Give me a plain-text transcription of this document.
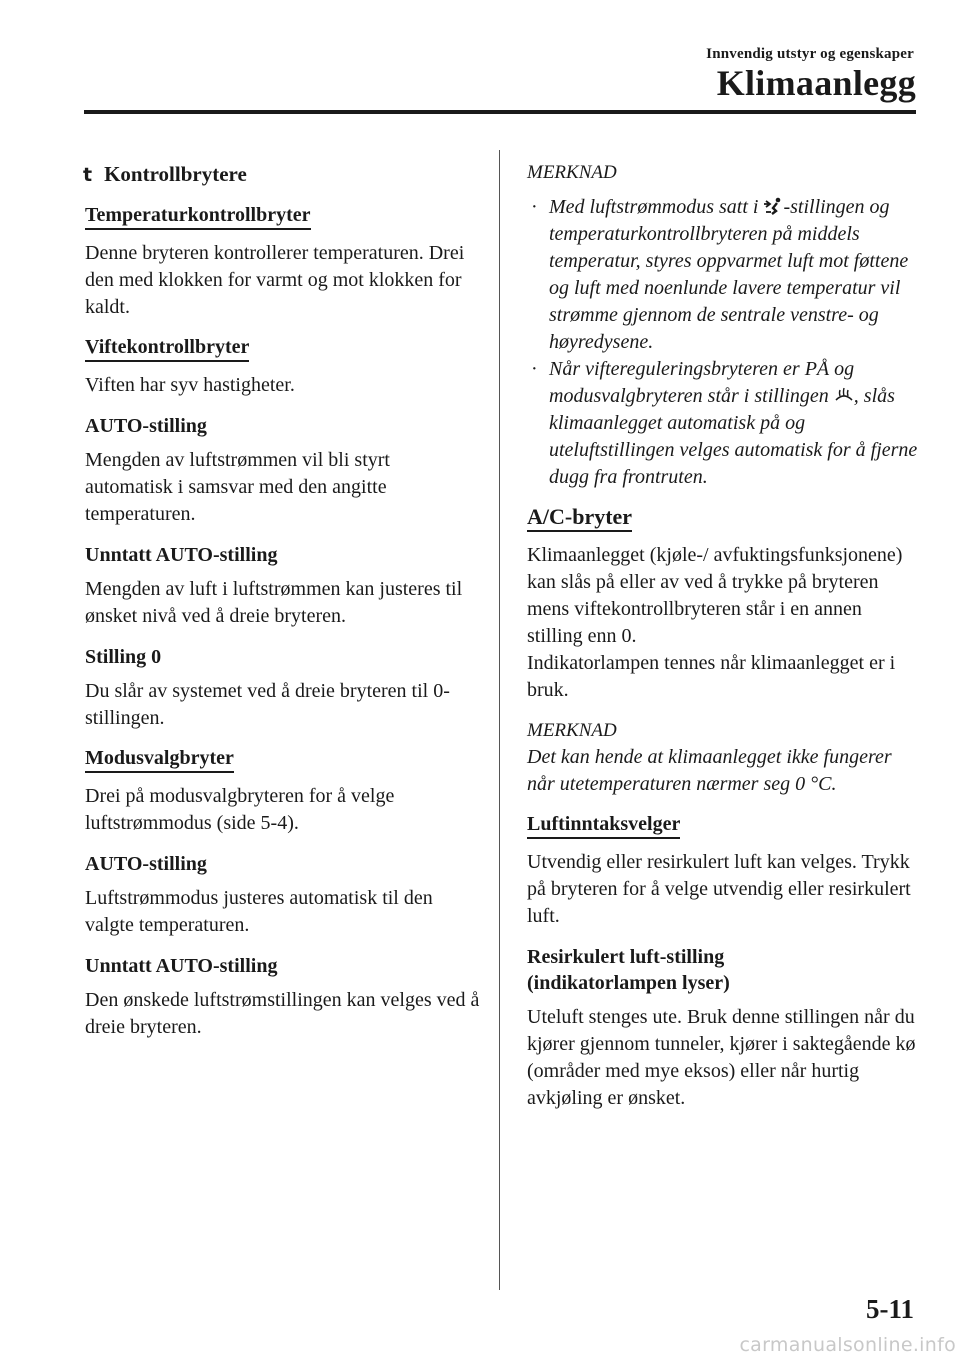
Innvendig utstyr og egenskaper
Klimaanlegg
t Kontrollbrytere
Temperaturkontrollbryter

Denne bryteren kontrollerer temperaturen. Drei den med klokken for varmt og mot klokken for kaldt.

Viftekontrollbryter

Viften har syv hastigheter.

AUTO-stilling

Mengden av luftstrømmen vil bli styrt automatisk i samsvar med den angitte temperaturen.

Unntatt AUTO-stilling

Mengden av luft i luftstrømmen kan justeres til ønsket nivå ved å dreie bryteren.

Stilling 0

Du slår av systemet ved å dreie bryteren til 0-stillingen.

Modusvalgbryter

Drei på modusvalgbryteren for å velge luftstrømmodus (side 5-4).

AUTO-stilling

Luftstrømmodus justeres automatisk til den valgte temperaturen.

Unntatt AUTO-stilling

Den ønskede luftstrømstillingen kan velges ved å dreie bryteren.

MERKNAD
· Med luftstrømmodus satt i -stillingen og temperaturkontrollbryteren på middels temperatur, styres oppvarmet luft mot føttene og luft med noenlunde lavere temperatur vil strømme gjennom de sentrale venstre- og høyredysene.
· Når viftereguleringsbryteren er PÅ og modusvalgbryteren står i stillingen , slås klimaanlegget automatisk på og uteluftstillingen velges automatisk for å fjerne dugg fra frontruten.
A/C-bryter

Klimaanlegget (kjøle-/ avfuktingsfunksjonene) kan slås på eller av ved å trykke på bryteren mens viftekontrollbryteren står i en annen stilling enn 0.

Indikatorlampen tennes når klimaanlegget er i bruk.

MERKNAD

Det kan hende at klimaanlegget ikke fungerer når utetemperaturen nærmer seg 0 °C.

Luftinntaksvelger

Utvendig eller resirkulert luft kan velges. Trykk på bryteren for å velge utvendig eller resirkulert luft.

Resirkulert luft-stilling
(indikatorlampen lyser)

Uteluft stenges ute. Bruk denne stillingen når du kjører gjennom tunneler, kjører i saktegående kø (områder med mye eksos) eller når hurtig avkjøling er ønsket.

5-11
carmanualsonline.info
